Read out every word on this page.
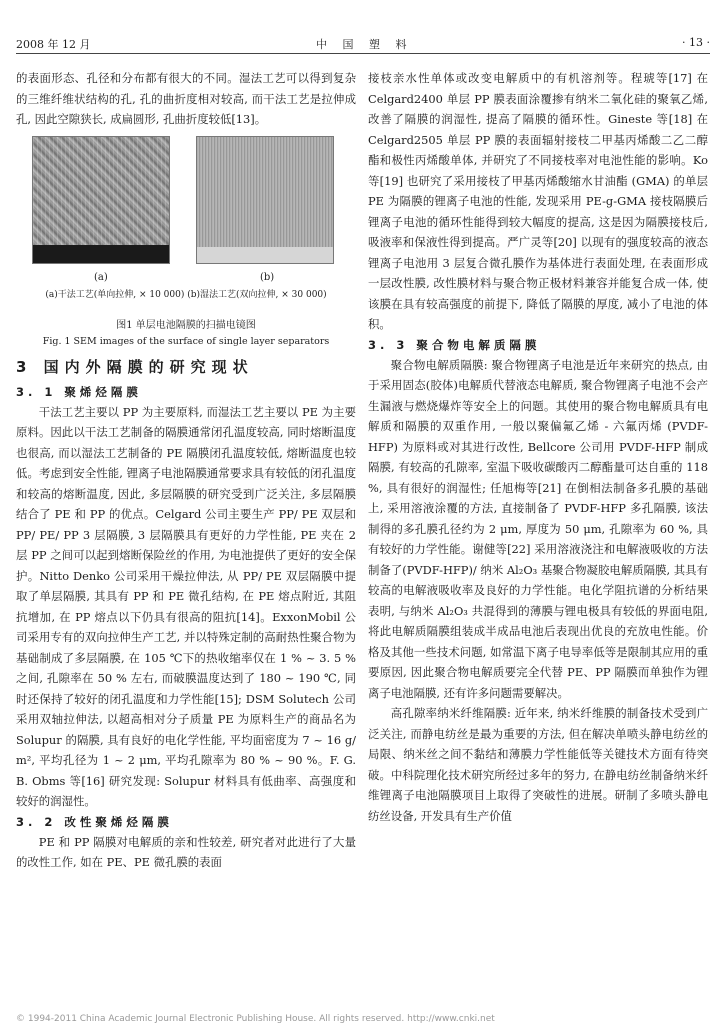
2008 年 12 月	中 国 塑 料	· 13 ·

的表面形态、孔径和分布都有很大的不同。湿法工艺可以得到复杂的三维纤维状结构的孔, 孔的曲折度相对较高, 而干法工艺是拉伸成孔, 因此空隙狭长, 成扁圆形, 孔曲折度较低[13]。

(a)	(b)
(a)干法工艺(单向拉伸, × 10 000) (b)湿法工艺(双向拉伸, × 30 000)
图1 单层电池隔膜的扫描电镜图
Fig. 1 SEM images of the surface of single layer separators
3 国内外隔膜的研究现状
3. 1 聚烯烃隔膜

干法工艺主要以 PP 为主要原料, 而湿法工艺主要以 PE 为主要原料。因此以干法工艺制备的隔膜通常闭孔温度较高, 同时熔断温度也很高, 而以湿法工艺制备的 PE 隔膜闭孔温度较低, 熔断温度也较低。考虑到安全性能, 锂离子电池隔膜通常要求具有较低的闭孔温度和较高的熔断温度, 因此, 多层隔膜的研究受到广泛关注, 多层隔膜结合了 PE 和 PP 的优点。Celgard 公司主要生产 PP/ PE 双层和 PP/ PE/ PP 3 层隔膜, 3 层隔膜具有更好的力学性能, PE 夹在 2 层 PP 之间可以起到熔断保险丝的作用, 为电池提供了更好的安全保护。Nitto Denko 公司采用干燥拉伸法, 从 PP/ PE 双层隔膜中提取了单层隔膜, 其具有 PP 和 PE 微孔结构, 在 PE 熔点附近, 其阻抗增加, 在 PP 熔点以下仍具有很高的阻抗[14]。ExxonMobil 公司采用专有的双向拉伸生产工艺, 并以特殊定制的高耐热性聚合物为基础制成了多层隔膜, 在 105 ℃下的热收缩率仅在 1 % ~ 3. 5 % 之间, 孔隙率在 50 % 左右, 而破膜温度达到了 180 ~ 190 ℃, 同时还保持了较好的闭孔温度和力学性能[15]; DSM Solutech 公司采用双轴拉伸法, 以超高相对分子质量 PE 为原料生产的商品名为 Solupur 的隔膜, 具有良好的电化学性能, 平均面密度为 7 ~ 16 g/ m², 平均孔径为 1 ~ 2 μm, 平均孔隙率为 80 % ~ 90 %。F. G. B. Obms 等[16] 研究发现: Solupur 材料具有低曲率、高强度和较好的润湿性。

3. 2 改性聚烯烃隔膜

PE 和 PP 隔膜对电解质的亲和性较差, 研究者对此进行了大量的改性工作, 如在 PE、PE 微孔膜的表面

接枝亲水性单体或改变电解质中的有机溶剂等。程琥等[17] 在 Celgard2400 单层 PP 膜表面涂覆掺有纳米二氧化硅的聚氧乙烯, 改善了隔膜的润湿性, 提高了隔膜的循环性。Gineste 等[18] 在 Celgard2505 单层 PP 膜的表面辐射接枝二甲基丙烯酸二乙二醇酯和极性丙烯酸单体, 并研究了不同接枝率对电池性能的影响。Ko 等[19] 也研究了采用接枝了甲基丙烯酸缩水甘油酯 (GMA) 的单层 PE 为隔膜的锂离子电池的性能, 发现采用 PE-g-GMA 接枝隔膜后锂离子电池的循环性能得到较大幅度的提高, 这是因为隔膜接枝后, 吸液率和保液性得到提高。严广灵等[20] 以现有的强度较高的液态锂离子电池用 3 层复合微孔膜作为基体进行表面处理, 在表面形成一层改性膜, 改性膜材料与聚合物正极材料兼容并能复合成一体, 使该膜在具有较高强度的前提下, 降低了隔膜的厚度, 减小了电池的体积。

3. 3 聚合物电解质隔膜

聚合物电解质隔膜: 聚合物锂离子电池是近年来研究的热点, 由于采用固态(胶体)电解质代替液态电解质, 聚合物锂离子电池不会产生漏液与燃烧爆炸等安全上的问题。其使用的聚合物电解质具有电解质和隔膜的双重作用, 一般以聚偏氟乙烯 - 六氟丙烯 (PVDF-HFP) 为原料或对其进行改性, Bellcore 公司用 PVDF-HFP 制成隔膜, 有较高的孔隙率, 室温下吸收碳酸丙二醇酯量可达自重的 118 %, 具有很好的润湿性; 任旭梅等[21] 在倒相法制备多孔膜的基础上, 采用溶液涂覆的方法, 直接制备了 PVDF-HFP 多孔隔膜, 该法制得的多孔膜孔径约为 2 μm, 厚度为 50 μm, 孔隙率为 60 %, 具有较好的力学性能。谢健等[22] 采用溶液浇注和电解液吸收的方法制备了(PVDF-HFP)/ 纳米 Al₂O₃ 基聚合物凝胶电解质隔膜, 其具有较高的电解液吸收率及良好的力学性能。电化学阻抗谱的分析结果表明, 与纳米 Al₂O₃ 共混得到的薄膜与锂电极具有较低的界面电阻, 将此电解质隔膜组装成半成品电池后表现出优良的充放电性能。价格及其他一些技术问题, 如常温下离子电导率低等是限制其应用的重要原因, 因此聚合物电解质要完全代替 PE、PP 隔膜而单独作为锂离子电池隔膜, 还有许多问题需要解决。

高孔隙率纳米纤维隔膜: 近年来, 纳米纤维膜的制备技术受到广泛关注, 而静电纺丝是最为重要的方法, 但在解决单喷头静电纺丝的局限、纳米丝之间不黏结和薄膜力学性能低等关键技术方面有待突破。中科院理化技术研究所经过多年的努力, 在静电纺丝制备纳米纤维锂离子电池隔膜项目上取得了突破性的进展。研制了多喷头静电纺丝设备, 开发具有生产价值

© 1994-2011 China Academic Journal Electronic Publishing House. All rights reserved. http://www.cnki.net
